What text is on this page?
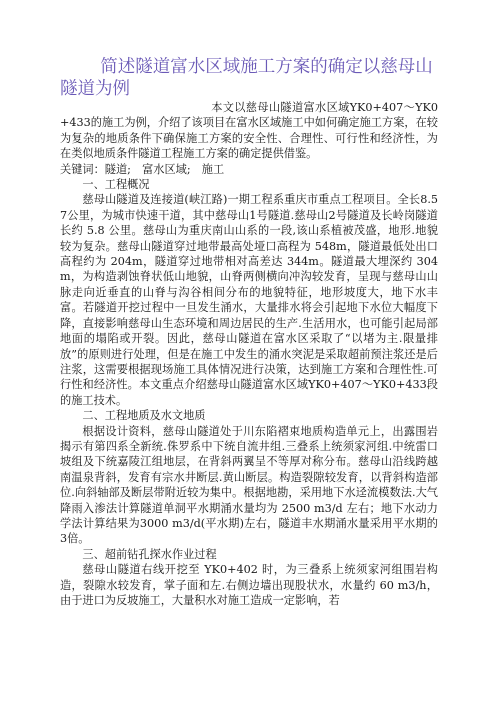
简述隧道富水区域施工方案的确定以慈母山隧道为例

本文以慈母山隧道富水区域YK0+407～YK0+433的施工为例，介绍了该项目在富水区域施工中如何确定施工方案，在较为复杂的地质条件下确保施工方案的安全性、合理性、可行性和经济性，为在类似地质条件隧道工程施工方案的确定提供借鉴。

关键词：隧道;　富水区域;　施工

一、工程概况

慈母山隧道及连接道(峡江路)一期工程系重庆市重点工程项目。全长8.57公里，为城市快速干道，其中慈母山1号隧道.慈母山2号隧道及长岭岗隧道长约 5.8 公里。慈母山为重庆南山山系的一段,该山系植被茂盛，地形.地貌较为复杂。慈母山隧道穿过地带最高处垭口高程为 548m，隧道最低处出口高程约为 204m，隧道穿过地带相对高差达 344m。隧道最大埋深约 304m，为构造剥蚀脊状低山地貌，山脊两侧横向冲沟较发育，呈现与慈母山山脉走向近垂直的山脊与沟谷相间分布的地貌特征，地形坡度大，地下水丰富。若隧道开挖过程中一旦发生涌水，大量排水将会引起地下水位大幅度下降，直接影响慈母山生态环境和周边居民的生产.生活用水，也可能引起局部地面的塌陷或开裂。因此，慈母山隧道在富水区采取了“以堵为主.限量排放”的原则进行处理，但是在施工中发生的涌水突泥是采取超前预注浆还是后注浆，这需要根据现场施工具体情况进行决策，达到施工方案和合理性性.可行性和经济性。本文重点介绍慈母山隧道富水区域YK0+407～YK0+433段的施工技术。

二、工程地质及水文地质

根据设计资料，慈母山隧道处于川东陷褶束地质构造单元上，出露围岩揭示有第四系全新统.侏罗系中下统自流井组.三叠系上统须家河组.中统雷口坡组及下统嘉陵江组地层，在背斜两翼呈不等厚对称分布。慈母山沿线跨越南温泉背斜，发育有宗水井断层.黄山断层。构造裂隙较发育，以背斜构造部位.向斜轴部及断层带附近较为集中。根据地勘，采用地下水迳流模数法.大气降雨入渗法计算隧道单洞平水期涌水量均为 2500 m3/d 左右；地下水动力学法计算结果为3000 m3/d(平水期)左右，隧道丰水期涌水量采用平水期的3倍。

三、超前钻孔探水作业过程

慈母山隧道右线开挖至 YK0+402 时，为三叠系上统须家河组围岩构造，裂隙水较发育，掌子面和左.右侧边墙出现股状水，水量约 60 m3/h，由于进口为反坡施工，大量积水对施工造成一定影响，若
